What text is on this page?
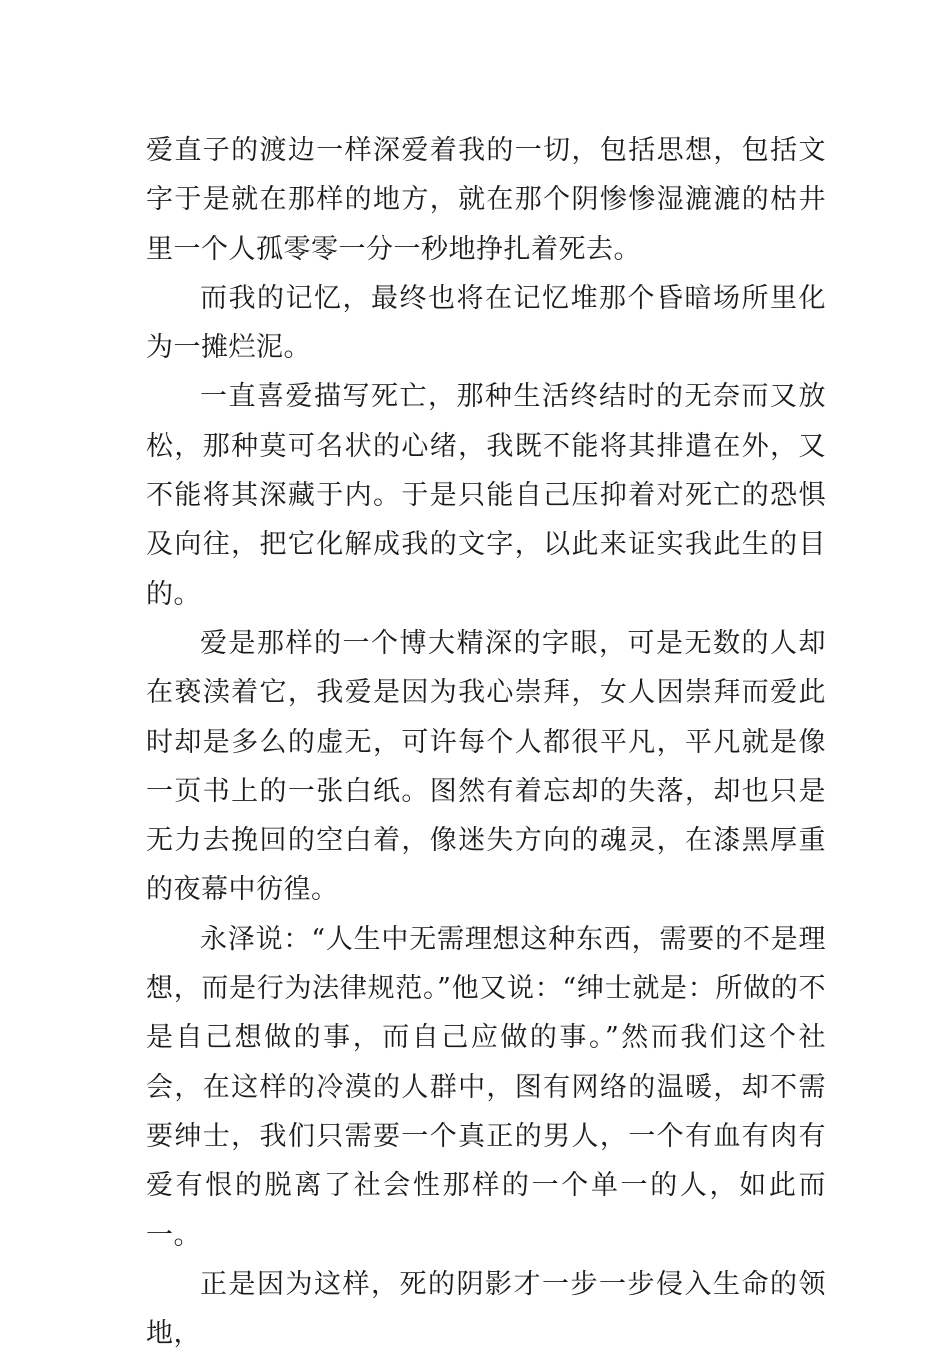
爱直子的渡边一样深爱着我的一切，包括思想，包括文字于是就在那样的地方，就在那个阴惨惨湿漉漉的枯井里一个人孤零零一分一秒地挣扎着死去。

而我的记忆，最终也将在记忆堆那个昏暗场所里化为一摊烂泥。

一直喜爱描写死亡，那种生活终结时的无奈而又放松，那种莫可名状的心绪，我既不能将其排遣在外，又不能将其深藏于内。于是只能自己压抑着对死亡的恐惧及向往，把它化解成我的文字，以此来证实我此生的目的。

爱是那样的一个博大精深的字眼，可是无数的人却在亵渎着它，我爱是因为我心崇拜，女人因崇拜而爱此时却是多么的虚无，可许每个人都很平凡，平凡就是像一页书上的一张白纸。图然有着忘却的失落，却也只是无力去挽回的空白着，像迷失方向的魂灵，在漆黑厚重的夜幕中彷徨。

永泽说：“人生中无需理想这种东西，需要的不是理想，而是行为法律规范。”他又说：“绅士就是：所做的不是自己想做的事，而自己应做的事。”然而我们这个社会，在这样的冷漠的人群中，图有网络的温暖，却不需要绅士，我们只需要一个真正的男人，一个有血有肉有爱有恨的脱离了社会性那样的一个单一的人，如此而一。

正是因为这样，死的阴影才一步一步侵入生命的领地，
